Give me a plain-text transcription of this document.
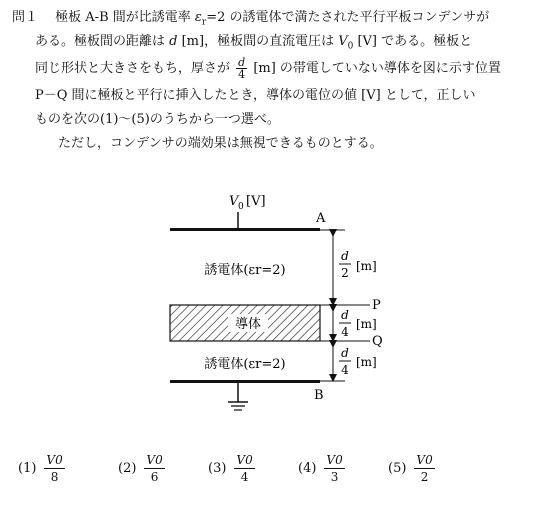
問１　 極板 A-B 間が比誘電率 $\varepsilon_r=2$ の誘電体で満たされた平行平板コンデンサが
ある。極板間の距離は d [m]，極板間の直流電圧は $V_0$ [V] である。極板と
同じ形状と大きさをもち，厚さが $\frac{d}{4} [m]$ の帯電していない導体を図に示す位置
P－Q 間に極板と平行に挿入したとき，導体の電位の値 [V] として，正しい
ものを次の(1)～(5)のうちから一つ選べ。
ただし，コンデンサの端効果は無視できるものとする。
V 0 [V]
A
誘電体(εr=2)
導体
誘電体(εr=2)
B
P
Q
d
2 [m]
d
4
[m]
d
4
[m]
(1)
V0
8
(2)
V0
6
(3)
V0
4
(4)
V0
3
(5)
V0
2
